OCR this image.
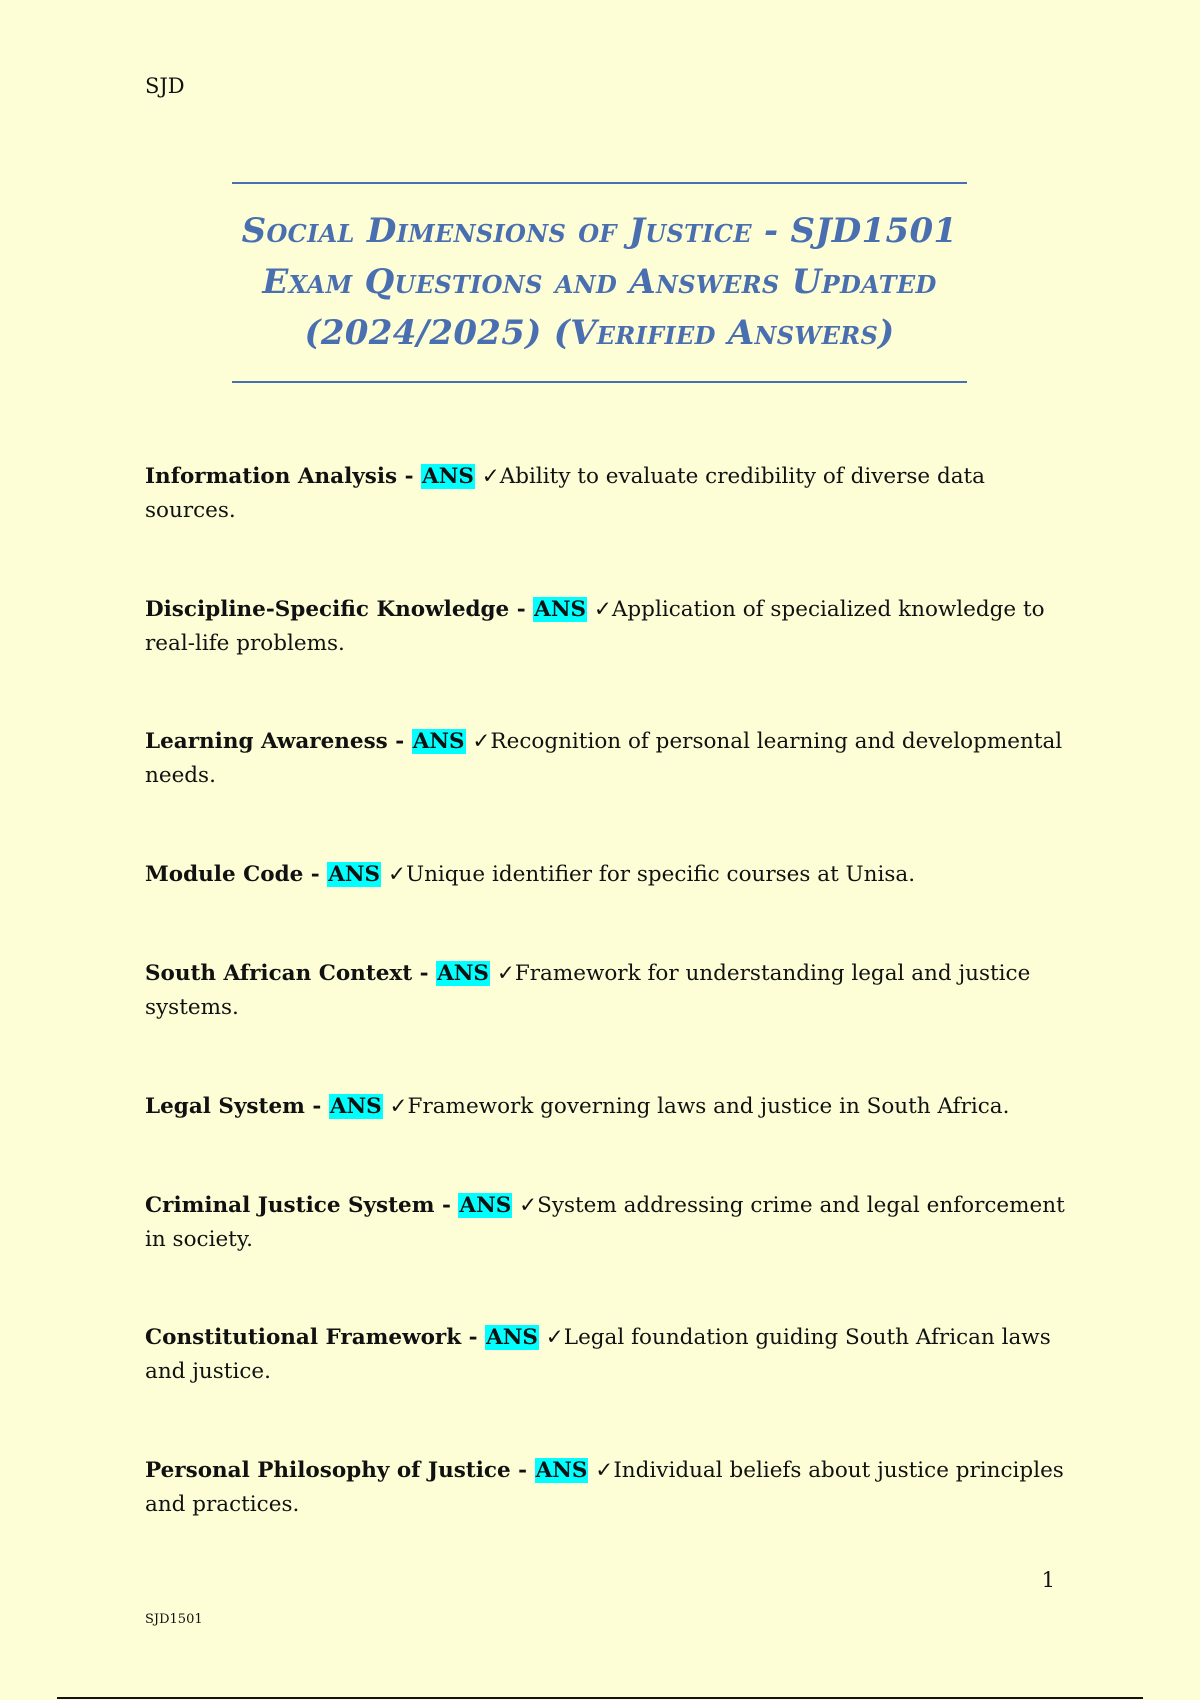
SJD
Social Dimensions of Justice - SJD1501
Exam Questions and Answers Updated
(2024/2025) (Verified Answers)
Information Analysis - ANS ✓Ability to evaluate credibility of diverse data sources.
Discipline-Specific Knowledge - ANS ✓Application of specialized knowledge to real-life problems.
Learning Awareness - ANS ✓Recognition of personal learning and developmental needs.
Module Code - ANS ✓Unique identifier for specific courses at Unisa.
South African Context - ANS ✓Framework for understanding legal and justice systems.
Legal System - ANS ✓Framework governing laws and justice in South Africa.
Criminal Justice System - ANS ✓System addressing crime and legal enforcement in society.
Constitutional Framework - ANS ✓Legal foundation guiding South African laws and justice.
Personal Philosophy of Justice - ANS ✓Individual beliefs about justice principles and practices.
1
SJD1501
